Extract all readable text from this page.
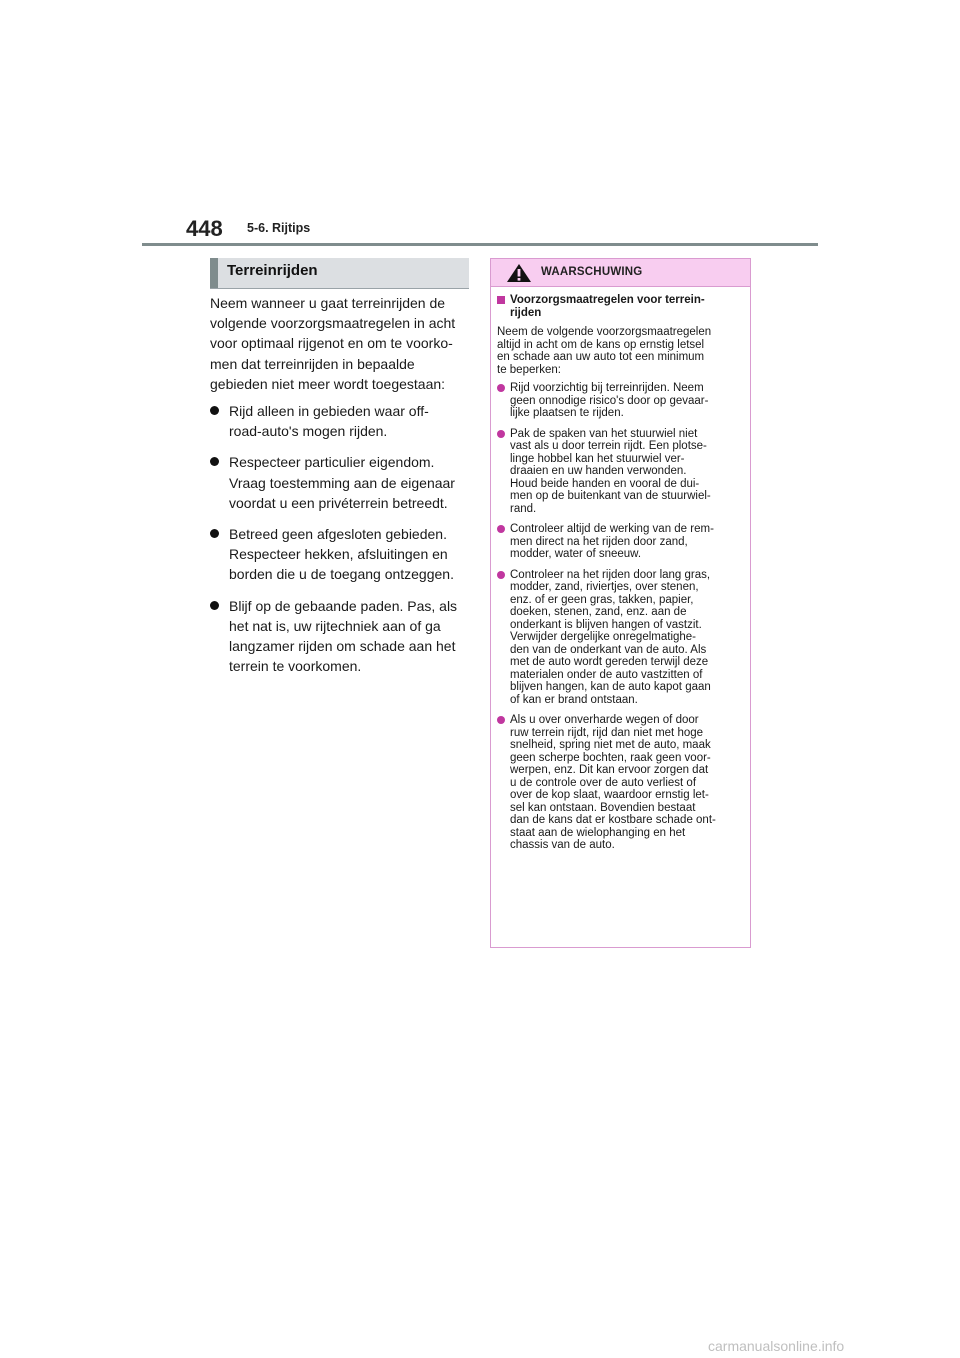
448 5-6. Rijtips
Terreinrijden

Neem wanneer u gaat terreinrijden de
volgende voorzorgsmaatregelen in acht
voor optimaal rijgenot en om te voorko-
men dat terreinrijden in bepaalde
gebieden niet meer wordt toegestaan:

Rijd alleen in gebieden waar off-
road-auto's mogen rijden.
Respecteer particulier eigendom.
Vraag toestemming aan de eigenaar
voordat u een privéterrein betreedt.
Betreed geen afgesloten gebieden.
Respecteer hekken, afsluitingen en
borden die u de toegang ontzeggen.
Blijf op de gebaande paden. Pas, als
het nat is, uw rijtechniek aan of ga
langzamer rijden om schade aan het
terrein te voorkomen.
WAARSCHUWING

Voorzorgsmaatregelen voor terrein-
rijden

Neem de volgende voorzorgsmaatregelen
altijd in acht om de kans op ernstig letsel
en schade aan uw auto tot een minimum
te beperken:

Rijd voorzichtig bij terreinrijden. Neem
geen onnodige risico's door op gevaar-
lijke plaatsen te rijden.
Pak de spaken van het stuurwiel niet
vast als u door terrein rijdt. Een plotse-
linge hobbel kan het stuurwiel ver-
draaien en uw handen verwonden.
Houd beide handen en vooral de dui-
men op de buitenkant van de stuurwiel-
rand.
Controleer altijd de werking van de rem-
men direct na het rijden door zand,
modder, water of sneeuw.
Controleer na het rijden door lang gras,
modder, zand, riviertjes, over stenen,
enz. of er geen gras, takken, papier,
doeken, stenen, zand, enz. aan de
onderkant is blijven hangen of vastzit.
Verwijder dergelijke onregelmatighe-
den van de onderkant van de auto. Als
met de auto wordt gereden terwijl deze
materialen onder de auto vastzitten of
blijven hangen, kan de auto kapot gaan
of kan er brand ontstaan.
Als u over onverharde wegen of door
ruw terrein rijdt, rijd dan niet met hoge
snelheid, spring niet met de auto, maak
geen scherpe bochten, raak geen voor-
werpen, enz. Dit kan ervoor zorgen dat
u de controle over de auto verliest of
over de kop slaat, waardoor ernstig let-
sel kan ontstaan. Bovendien bestaat
dan de kans dat er kostbare schade ont-
staat aan de wielophanging en het
chassis van de auto.
carmanualsonline.info
